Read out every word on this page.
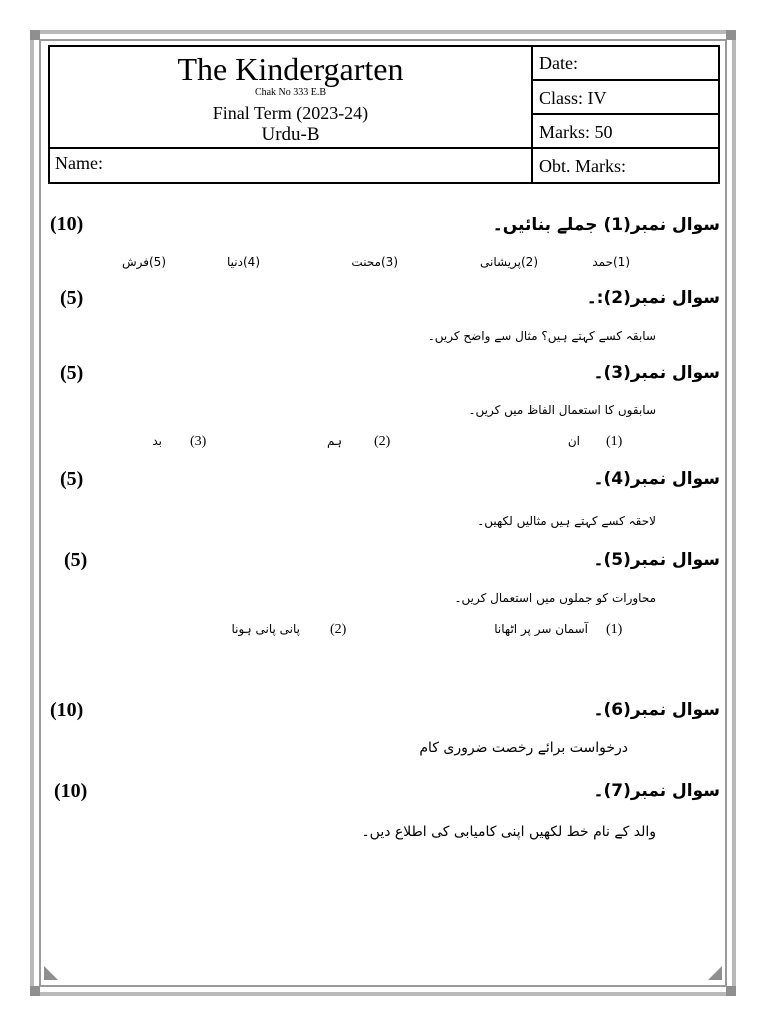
The Kindergarten
Chak No 333 E.B
Final Term (2023-24)
Urdu-B
Name:
Date:
Class: IV
Marks: 50
Obt. Marks:
سوال نمبر(1) جملے بنائیں۔
(10)
(1)حمد
(2)پریشانی
(3)محنت
(4)دنیا
(5)فرش
سوال نمبر(2):۔
(5)
سابقہ کسے کہتے ہیں؟ مثال سے واضح کریں۔
سوال نمبر(3)۔
(5)
سابقوں کا استعمال الفاظ میں کریں۔
(1)
ان
(2)
ہم
(3)
بد
سوال نمبر(4)۔
(5)
لاحقہ کسے کہتے ہیں مثالیں لکھیں۔
سوال نمبر(5)۔
(5)
محاورات کو جملوں میں استعمال کریں۔
(1)
آسمان سر پر اٹھانا
(2)
پانی پانی ہونا
سوال نمبر(6)۔
(10)
درخواست برائے رخصت ضروری کام
سوال نمبر(7)۔
(10)
والد کے نام خط لکھیں اپنی کامیابی کی اطلاع دیں۔
